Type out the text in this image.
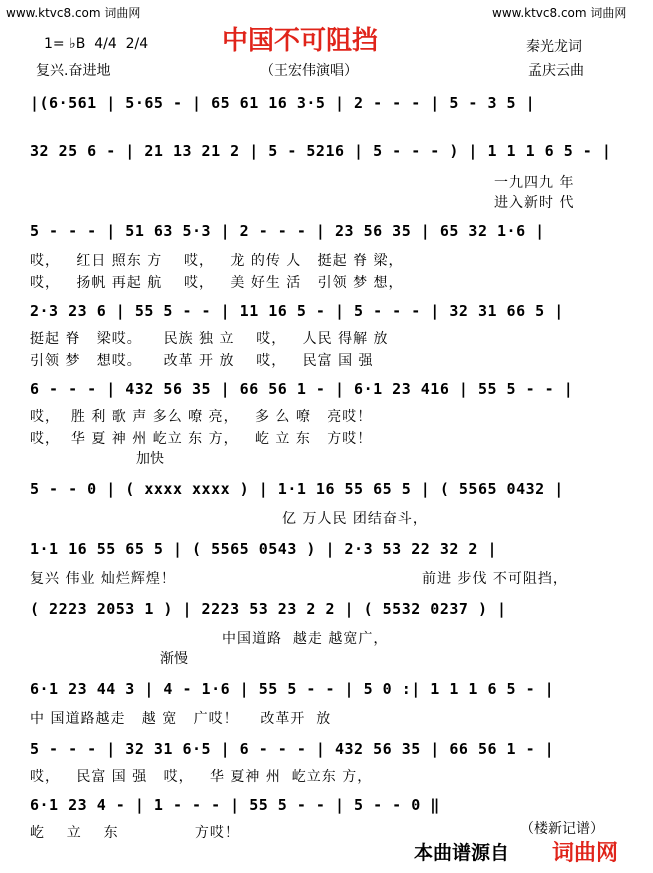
www.ktvc8.com 词曲网	www.ktvc8.com 词曲网
中国不可阻挡
1= ♭B  4/4  2/4	秦光龙词
复兴.奋进地	（王宏伟演唱）	孟庆云曲
|(6·561 | 5·65 - | 65 61 16 3·5 | 2 - - - | 5 - 3 5 |
32 25 6 - | 21 13 21 2 | 5 - 5216 | 5 - - - ) | 1 1 1 6 5 - |
一九四九 年
进入新时 代
5 - - - | 51 63 5·3 | 2 - - - | 23 56 35 | 65 32 1·6 |
哎，   红日 照东 方    哎，   龙 的传 人   挺起 脊 梁，
哎，   扬帆 再起 航    哎，   美 好生 活   引领 梦 想，
2·3 23 6 | 55 5 - - | 11 16 5 - | 5 - - - | 32 31 66 5 |
挺起 脊   梁哎。    民族 独 立    哎，   人民 得解 放
引领 梦   想哎。    改革 开 放    哎，   民富 国 强
6 - - - | 432 56 35 | 66 56 1 - | 6·1 23 416 | 55 5 - - |
哎，  胜 利 歌 声 多么 嘹 亮，   多 么 嘹   亮哎！
哎，  华 夏 神 州 屹立 东 方，   屹 立 东   方哎！
加快
5 - - 0 | ( xxxx xxxx ) | 1·1 16 55 65 5 | ( 5565 0432 |
亿 万人民 团结奋斗，
1·1 16 55 65 5 | ( 5565 0543 ) | 2·3 53 22 32 2 |
复兴 伟业 灿烂辉煌！	前进 步伐 不可阻挡，
( 2223 2053 1 ) | 2223 53 23 2 2 | ( 5532 0237 ) |
中国道路  越走 越宽广，
渐慢
6·1 23 44 3 | 4 - 1·6 | 55 5 - - | 5 0 :| 1 1 1 6 5 - |
中 国道路越走   越 宽   广哎！    改革开  放
5 - - - | 32 31 6·5 | 6 - - - | 432 56 35 | 66 56 1 - |
哎，   民富 国 强   哎，   华 夏神 州  屹立东 方，
6·1 23 4 - | 1 - - - | 55 5 - - | 5 - - 0 ‖
屹    立    东              方哎！	（楼新记谱）
本曲谱源自 词曲网
